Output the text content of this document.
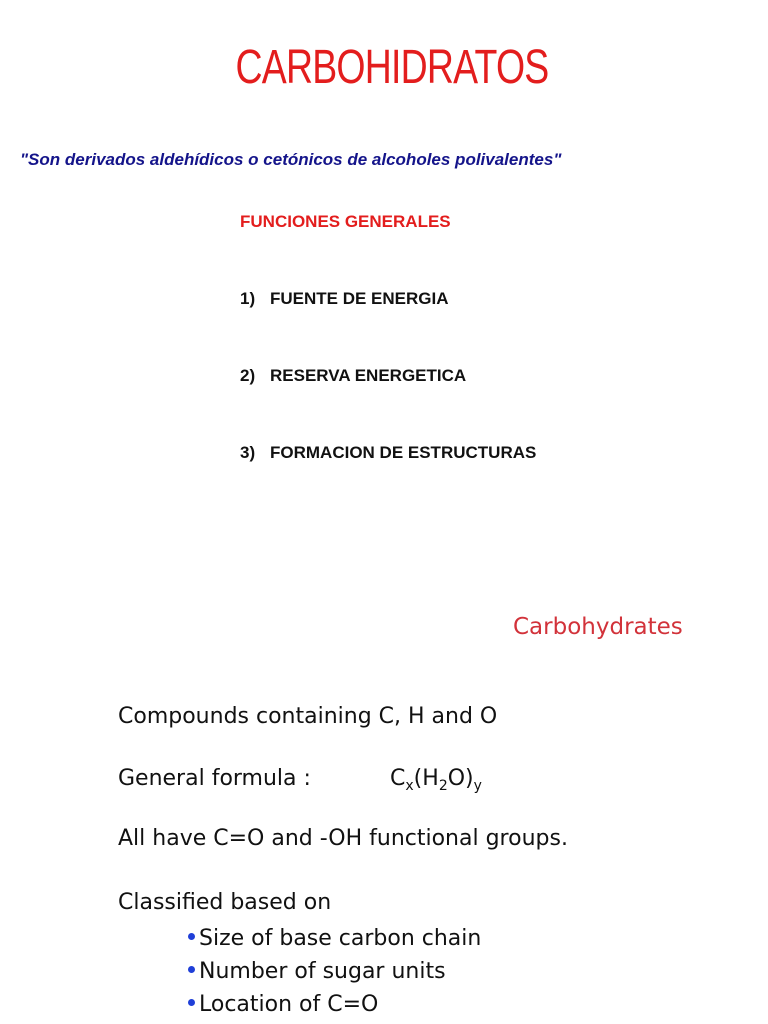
CARBOHIDRATOS
"Son derivados aldehídicos o cetónicos de alcoholes polivalentes"
FUNCIONES GENERALES
1) FUENTE DE ENERGIA
2) RESERVA ENERGETICA
3) FORMACION DE ESTRUCTURAS
Carbohydrates
Compounds containing C, H and O
General formula :	$C_x(H_2O)_y$
All have C=O and -OH functional groups.
Classified based on
Size of base carbon chain
Number of sugar units
Location of C=O
